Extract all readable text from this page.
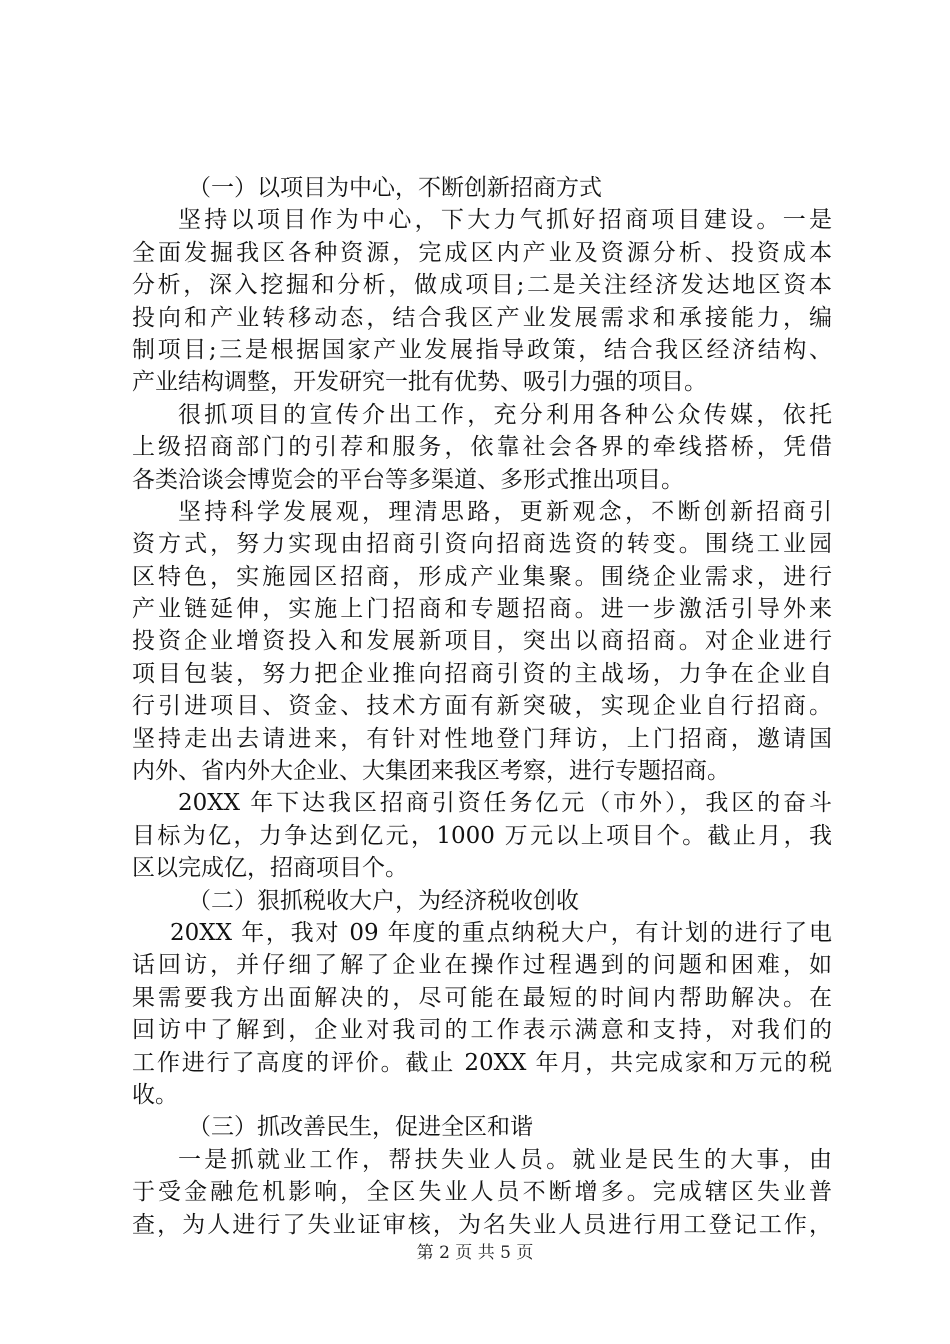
（一）以项目为中心，不断创新招商方式
坚持以项目作为中心，下大力气抓好招商项目建设。一是
全面发掘我区各种资源，完成区内产业及资源分析、投资成本
分析，深入挖掘和分析，做成项目;二是关注经济发达地区资本
投向和产业转移动态，结合我区产业发展需求和承接能力，编
制项目;三是根据国家产业发展指导政策，结合我区经济结构、
产业结构调整，开发研究一批有优势、吸引力强的项目。
很抓项目的宣传介出工作，充分利用各种公众传媒，依托
上级招商部门的引荐和服务，依靠社会各界的牵线搭桥，凭借
各类洽谈会博览会的平台等多渠道、多形式推出项目。
坚持科学发展观，理清思路，更新观念，不断创新招商引
资方式，努力实现由招商引资向招商选资的转变。围绕工业园
区特色，实施园区招商，形成产业集聚。围绕企业需求，进行
产业链延伸，实施上门招商和专题招商。进一步激活引导外来
投资企业增资投入和发展新项目，突出以商招商。对企业进行
项目包装，努力把企业推向招商引资的主战场，力争在企业自
行引进项目、资金、技术方面有新突破，实现企业自行招商。
坚持走出去请进来，有针对性地登门拜访，上门招商，邀请国
内外、省内外大企业、大集团来我区考察，进行专题招商。
20XX 年下达我区招商引资任务亿元（市外），我区的奋斗
目标为亿，力争达到亿元，1000 万元以上项目个。截止月，我
区以完成亿，招商项目个。
（二）狠抓税收大户，为经济税收创收
20XX 年，我对 09 年度的重点纳税大户，有计划的进行了电
话回访，并仔细了解了企业在操作过程遇到的问题和困难，如
果需要我方出面解决的，尽可能在最短的时间内帮助解决。在
回访中了解到，企业对我司的工作表示满意和支持，对我们的
工作进行了高度的评价。截止 20XX 年月，共完成家和万元的税
收。
（三）抓改善民生，促进全区和谐
一是抓就业工作，帮扶失业人员。就业是民生的大事，由
于受金融危机影响，全区失业人员不断增多。完成辖区失业普
查，为人进行了失业证审核，为名失业人员进行用工登记工作，
第 2 页 共 5 页
